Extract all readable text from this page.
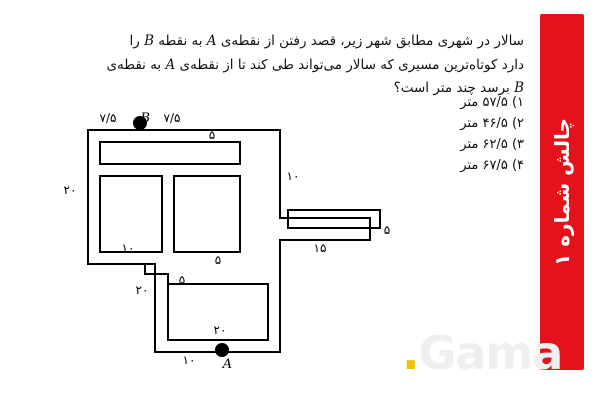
چالش شماره ۱
سالار در شهری مطابق شهر زیر، قصد رفتن از نقطه‌ی A به نقطه B را دارد کوتاه‌ترین مسیری که سالار می‌تواند طی کند تا از نقطه‌ی A به نقطه‌ی B برسد چند متر است؟
۱) ۵۷/۵ متر
۲) ۴۶/۵ متر
۳) ۶۲/۵ متر
۴) ۶۷/۵ متر
B
A
۷/۵	۷/۵
۵
۲۰
۱۰
۵
۱۰	۱۵
۵
۵
۲۰
۲۰
۱۰	Gama.
